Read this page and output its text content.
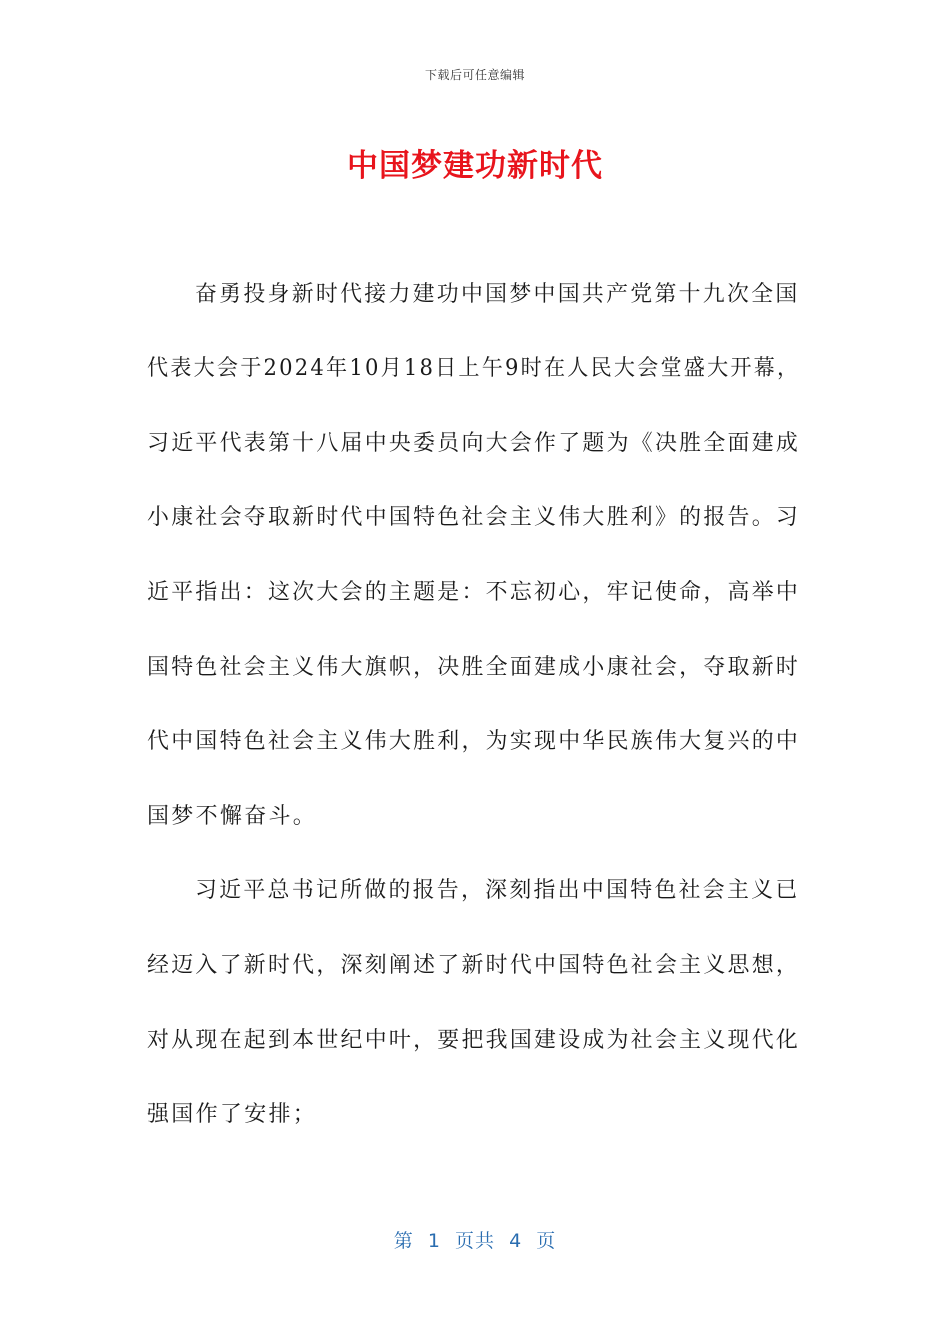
下载后可任意编辑
中国梦建功新时代
奋勇投身新时代接力建功中国梦中国共产党第十九次全国
代表大会于2024年10月18日上午9时在人民大会堂盛大开幕，
习近平代表第十八届中央委员向大会作了题为《决胜全面建成
小康社会夺取新时代中国特色社会主义伟大胜利》的报告。习
近平指出：这次大会的主题是：不忘初心，牢记使命，高举中
国特色社会主义伟大旗帜，决胜全面建成小康社会，夺取新时
代中国特色社会主义伟大胜利，为实现中华民族伟大复兴的中
国梦不懈奋斗。
习近平总书记所做的报告，深刻指出中国特色社会主义已
经迈入了新时代，深刻阐述了新时代中国特色社会主义思想，
对从现在起到本世纪中叶，要把我国建设成为社会主义现代化
强国作了安排；
第  1  页共  4  页
